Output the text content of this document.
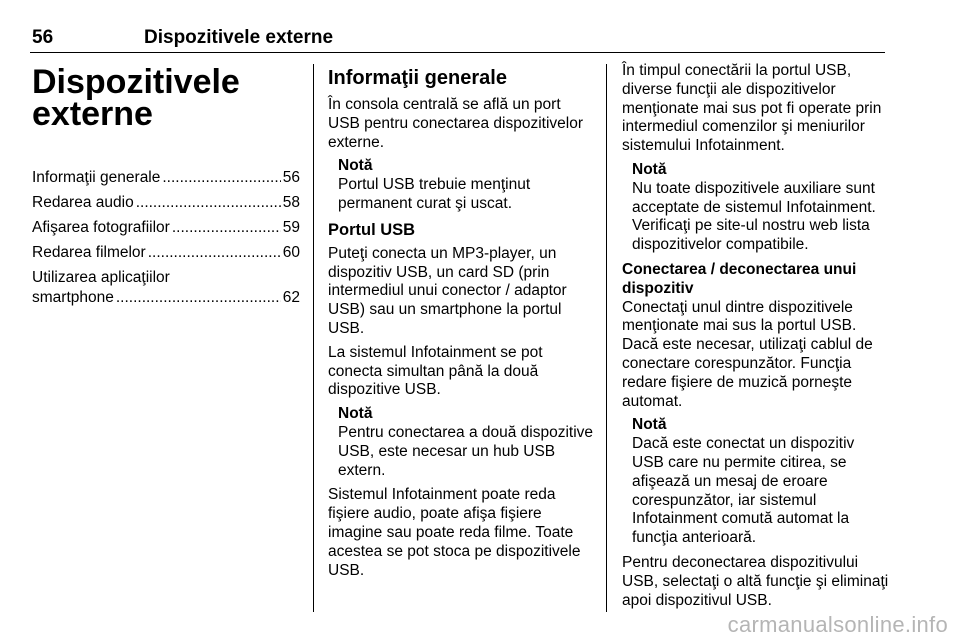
56	Dispozitivele externe
Dispozitivele
externe
Informaţii generale .....	56
Redarea audio .....	58
Afişarea fotografiilor .....	59
Redarea filmelor .....	60
Utilizarea aplicaţiilor
smartphone .....	62
Informaţii generale

În consola centrală se află un port USB pentru conectarea dispozitivelor externe.

Notă

Portul USB trebuie menţinut permanent curat şi uscat.

Portul USB

Puteţi conecta un MP3-player, un dispozitiv USB, un card SD (prin intermediul unui conector / adaptor USB) sau un smartphone la portul USB.

La sistemul Infotainment se pot conecta simultan până la două dispozitive USB.

Notă

Pentru conectarea a două dispozitive USB, este necesar un hub USB extern.

Sistemul Infotainment poate reda fişiere audio, poate afişa fişiere imagine sau poate reda filme. Toate acestea se pot stoca pe dispozitivele USB.

În timpul conectării la portul USB, diverse funcţii ale dispozitivelor menţionate mai sus pot fi operate prin intermediul comenzilor şi meniurilor sistemului Infotainment.

Notă

Nu toate dispozitivele auxiliare sunt acceptate de sistemul Infotainment. Verificaţi pe site-ul nostru web lista dispozitivelor compatibile.

Conectarea / deconectarea unui dispozitiv

Conectaţi unul dintre dispozitivele menţionate mai sus la portul USB. Dacă este necesar, utilizaţi cablul de conectare corespunzător. Funcţia redare fişiere de muzică porneşte automat.

Notă

Dacă este conectat un dispozitiv USB care nu permite citirea, se afişează un mesaj de eroare corespunzător, iar sistemul Infotainment comută automat la funcţia anterioară.

Pentru deconectarea dispozitivului USB, selectaţi o altă funcţie şi eliminaţi apoi dispozitivul USB.

carmanualsonline.info
